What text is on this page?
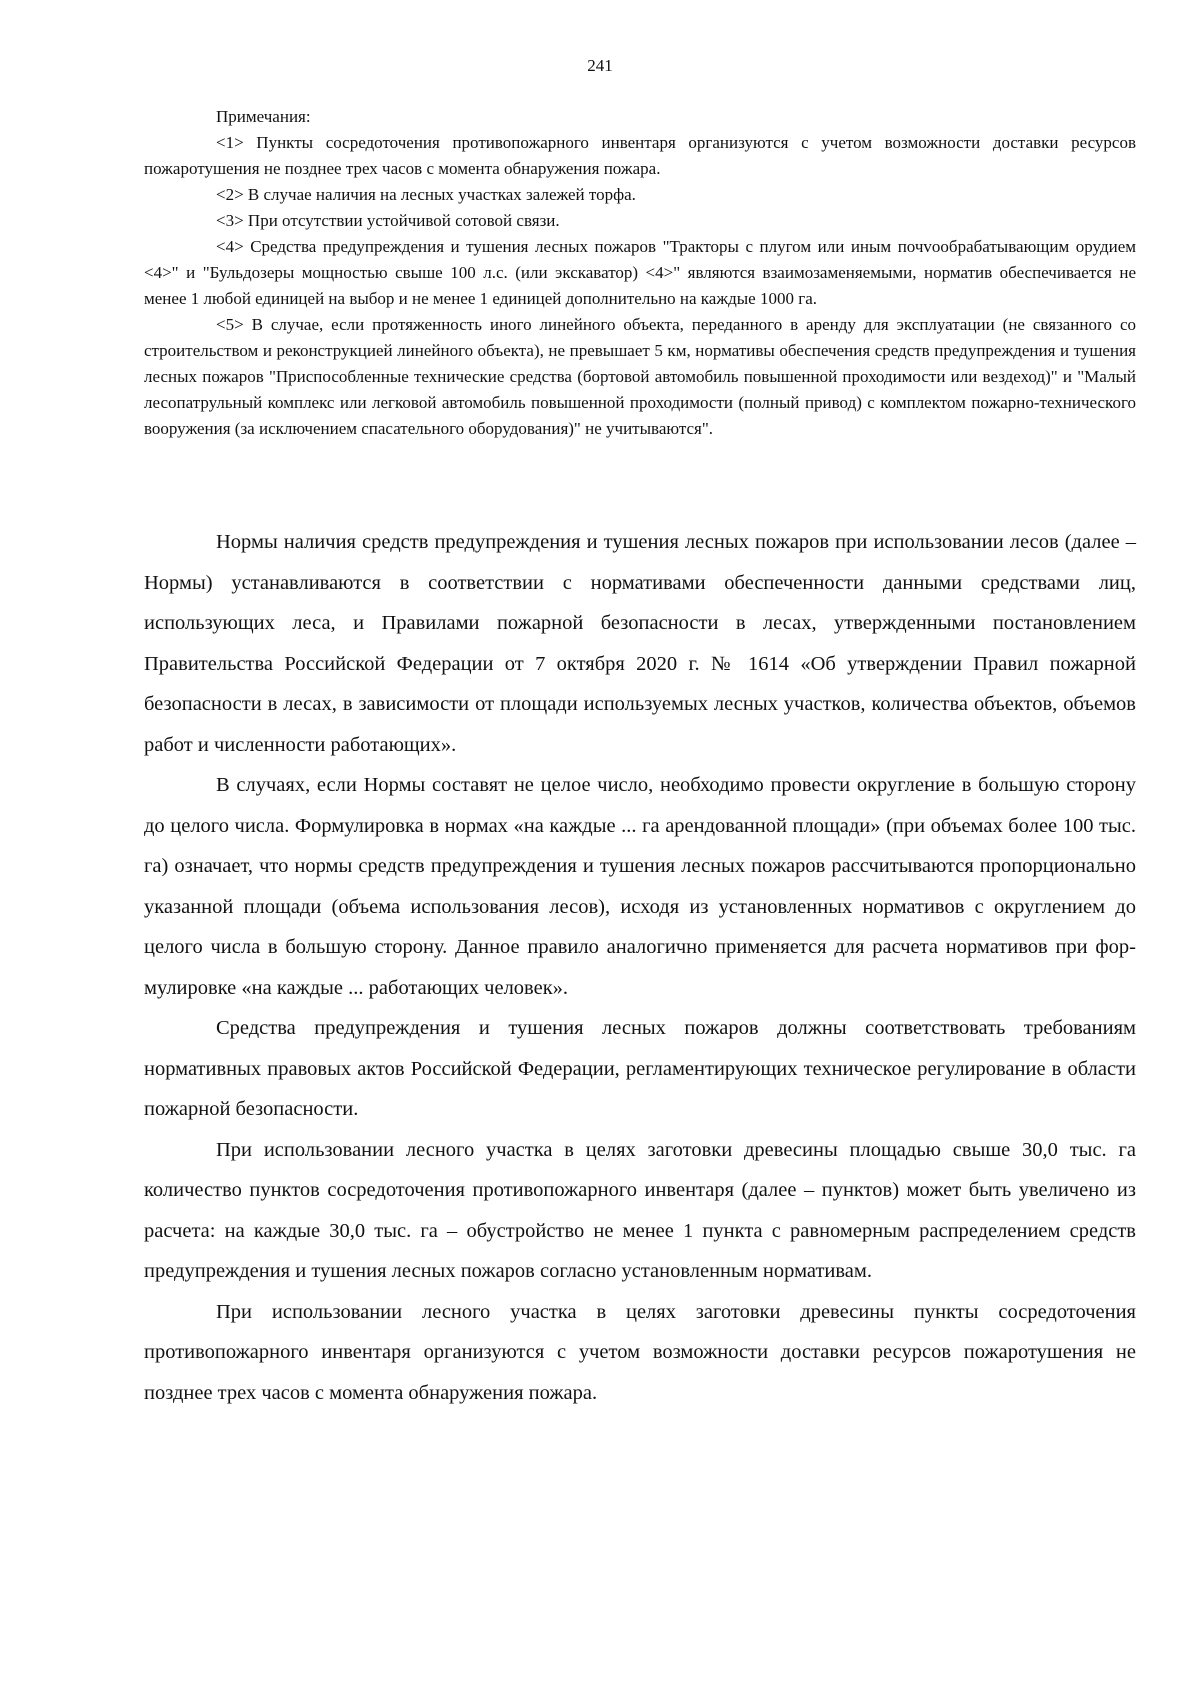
241

Примечания:

<1> Пункты сосредоточения противопожарного инвентаря организуются с учетом возможности доставки ресурсов пожаротушения не позднее трех часов с момента обнаружения пожара.

<2> В случае наличия на лесных участках залежей торфа.

<3> При отсутствии устойчивой сотовой связи.

<4> Средства предупреждения и тушения лесных пожаров "Тракторы с плугом или иным почvoобрабатывающим орудием <4>" и "Бульдозеры мощностью свыше 100 л.с. (или экскаватор) <4>" являются взаимозаменяемыми, норматив обеспечивается не менее 1 любой единицей на выбор и не менее 1 единицей дополнительно на каждые 1000 га.

<5> В случае, если протяженность иного линейного объекта, переданного в аренду для эксплуатации (не связанного со строительством и реконструкцией линейного объекта), не превышает 5 км, нормативы обеспечения средств предупреждения и тушения лесных пожаров "Приспособленные технические средства (бортовой автомобиль повышенной проходимости или вездеход)" и "Малый лесопатрульный комплекс или легковой автомобиль повышенной проходимости (полный привод) с комплектом пожарно-технического вооружения (за исключением спасательного оборудования)" не учитываются".

Нормы наличия средств предупреждения и тушения лесных пожаров при использовании лесов (далее – Нормы) устанавливаются в соответствии с нормативами обеспеченности данными средствами лиц, использующих леса, и Правилами пожарной безопасности в лесах, утвержденными постановлением Правительства Российской Федерации от 7 октября 2020 г. № 1614 «Об утверждении Правил пожарной безопасности в лесах, в зависимости от площади используемых лесных участков, количества объектов, объемов работ и численности работающих».

В случаях, если Нормы составят не целое число, необходимо провести округление в большую сторону до целого числа. Формулировка в нормах «на каждые ... га арендованной площади» (при объемах более 100 тыс. га) означает, что нормы средств предупреждения и тушения лесных пожаров рассчитываются пропорционально указанной площади (объема использования лесов), исходя из установленных нормативов с округлением до целого числа в большую сторону. Данное правило аналогично применяется для расчета нормативов при формулировке «на каждые ... работающих человек».

Средства предупреждения и тушения лесных пожаров должны соответствовать требованиям нормативных правовых актов Российской Федерации, регламентирующих техническое регулирование в области пожарной безопасности.

При использовании лесного участка в целях заготовки древесины площадью свыше 30,0 тыс. га количество пунктов сосредоточения противопожарного инвентаря (далее – пунктов) может быть увеличено из расчета: на каждые 30,0 тыс. га – обустройство не менее 1 пункта с равномерным распределением средств предупреждения и тушения лесных пожаров согласно установленным нормативам.

При использовании лесного участка в целях заготовки древесины пункты сосредоточения противопожарного инвентаря организуются с учетом возможности доставки ресурсов пожаротушения не позднее трех часов с момента обнаружения пожара.
